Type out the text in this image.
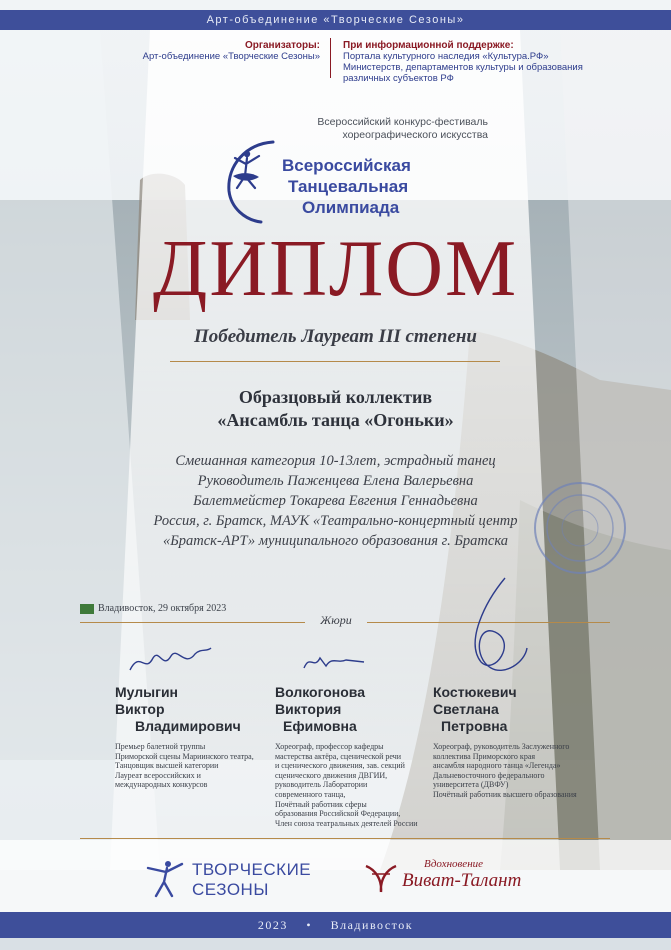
Арт-объединение «Творческие Сезоны»
Организаторы:
Арт-объединение «Творческие Сезоны»
При информационной поддержке:
Портала культурного наследия «Культура.РФ»
Министерств, департаментов культуры и образования
различных субъектов РФ
Всероссийский конкурс-фестиваль
хореографического искусства
Всероссийская
Танцевальная
Олимпиада
ДИПЛОМ
Победитель Лауреат III степени
Образцовый коллектив
«Ансамбль танца «Огоньки»
Смешанная категория 10-13лет, эстрадный танец
Руководитель Паженцева Елена Валерьевна
Балетмейстер Токарева Евгения Геннадьевна
Россия, г. Братск, МАУК «Театрально-концертный центр
«Братск-АРТ» муниципального образования г. Братска
Владивосток, 29 октября 2023
Жюри
Мулыгин
Виктор
Владимирович
Премьер балетной труппы
Приморской сцены Мариинского театра,
Танцовщик высшей категории
Лауреат всероссийских и
международных конкурсов
Волкогонова
Виктория
Ефимовна
Хореограф, профессор кафедры
мастерства актёра, сценической речи
и сценического движения, зав. секций
сценического движения ДВГИИ,
руководитель Лаборатории
современного танца,
Почётный работник сферы
образования Российской Федерации,
Член союза театральных деятелей России
Костюкевич
Светлана
Петровна
Хореограф, руководитель Заслуженного
коллектива Приморского края
ансамбля народного танца «Легенда»
Дальневосточного федерального
университета (ДВФУ)
Почётный работник высшего образования
ТВОРЧЕСКИЕ
СЕЗОНЫ
Вдохновение
Виват-Талант
2023 • Владивосток
